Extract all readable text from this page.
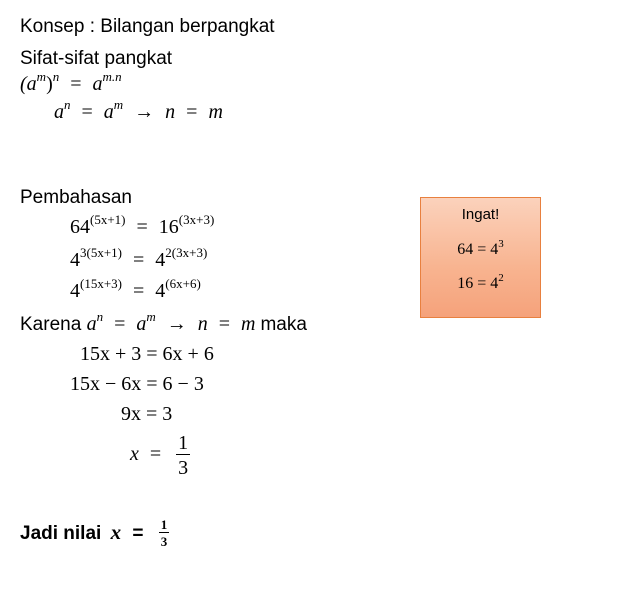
Konsep : Bilangan berpangkat
Sifat-sifat pangkat
$(a^m)^n = a^{m.n}$
$a^n = a^m \to n = m$
Pembahasan
$64^{(5x+1)} = 16^{(3x+3)}$
$4^{3(5x+1)} = 4^{2(3x+3)}$
$4^{(15x+3)} = 4^{(6x+6)}$
Karena $a^n = a^m \to n = m$ maka
15x + 3 = 6x + 6
15x − 6x = 6 − 3
9x = 3
$x = \frac{1}{3}$
Jadi nilai $x = \frac{1}{3}$
Ingat!
$64 = 4^3$
$16 = 4^2$
